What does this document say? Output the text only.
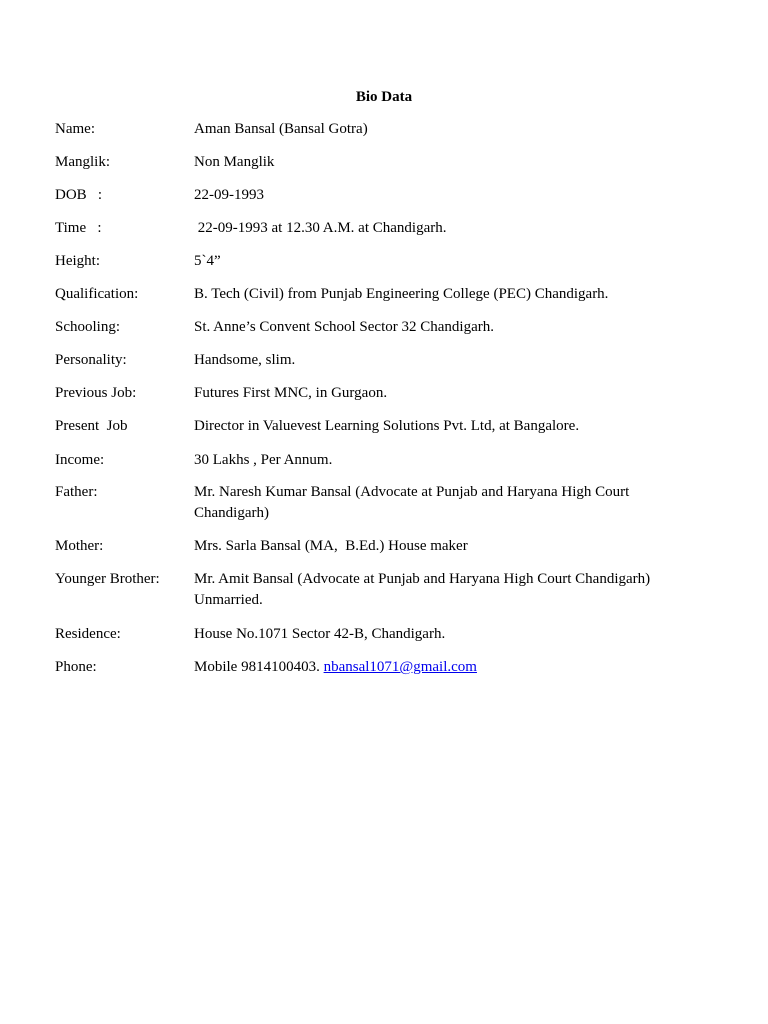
Bio Data
Name:	Aman Bansal (Bansal Gotra)
Manglik:	Non Manglik
DOB   :	22-09-1993
Time   :	22-09-1993 at 12.30 A.M. at Chandigarh.
Height:	5`4”
Qualification:	B. Tech (Civil) from Punjab Engineering College (PEC) Chandigarh.
Schooling:	St. Anne’s Convent School Sector 32 Chandigarh.
Personality:	Handsome, slim.
Previous Job:	Futures First MNC, in Gurgaon.
Present  Job	Director in Valuevest Learning Solutions Pvt. Ltd, at Bangalore.
Income:	30 Lakhs , Per Annum.
Father:	Mr. Naresh Kumar Bansal (Advocate at Punjab and Haryana High Court
Chandigarh)
Mother:	Mrs. Sarla Bansal (MA,  B.Ed.) House maker
Younger Brother: Mr. Amit Bansal (Advocate at Punjab and Haryana High Court Chandigarh)
Unmarried.
Residence:	House No.1071 Sector 42-B, Chandigarh.
Phone:	Mobile 9814100403. nbansal1071@gmail.com
